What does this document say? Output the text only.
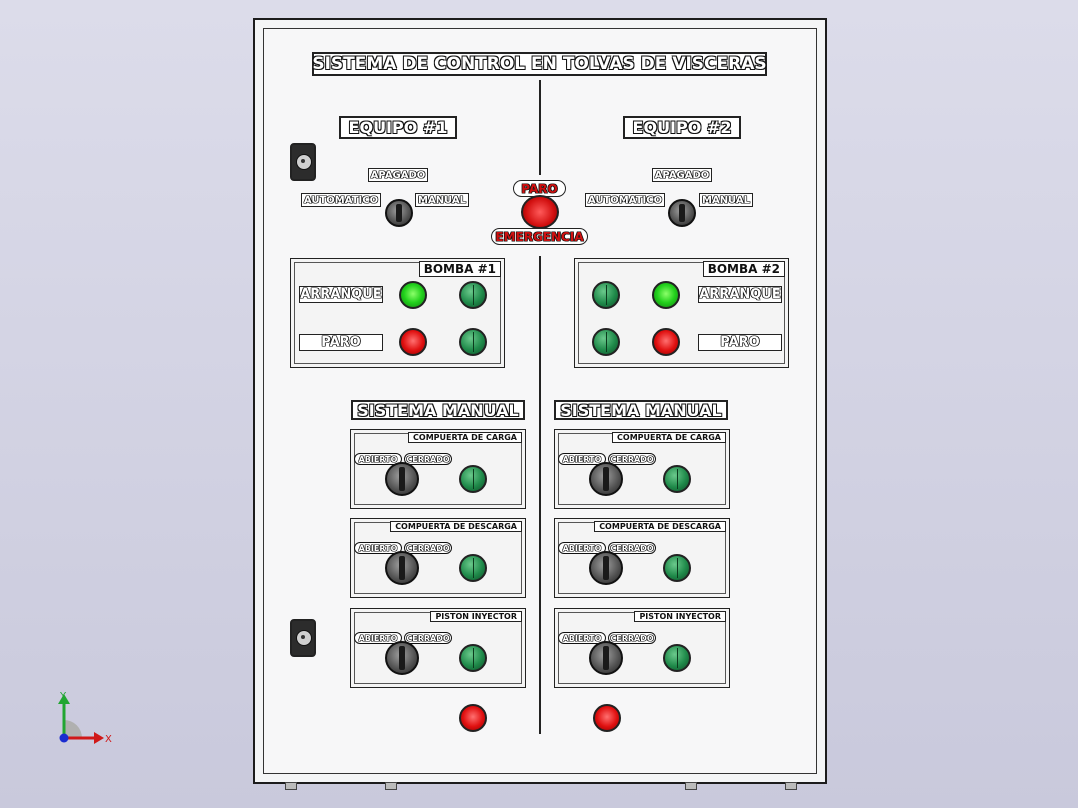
SISTEMA DE CONTROL EN TOLVAS DE VISCERAS
EQUIPO #1	EQUIPO #2
APAGADO
AUTOMATICO	MANUAL
APAGADO
AUTOMATICO	MANUAL
PARO
EMERGENCIA
BOMBA #1
ARRANQUE
PARO
BOMBA #2
ARRANQUE
PARO
SISTEMA MANUAL	SISTEMA MANUAL
COMPUERTA DE CARGA
ABIERTO	CERRADO
COMPUERTA DE DESCARGA
ABIERTO	CERRADO
PISTON INYECTOR
ABIERTO	CERRADO
COMPUERTA DE CARGA
ABIERTO	CERRADO
COMPUERTA DE DESCARGA
ABIERTO	CERRADO
PISTON INYECTOR
ABIERTO	CERRADO
Y
X
